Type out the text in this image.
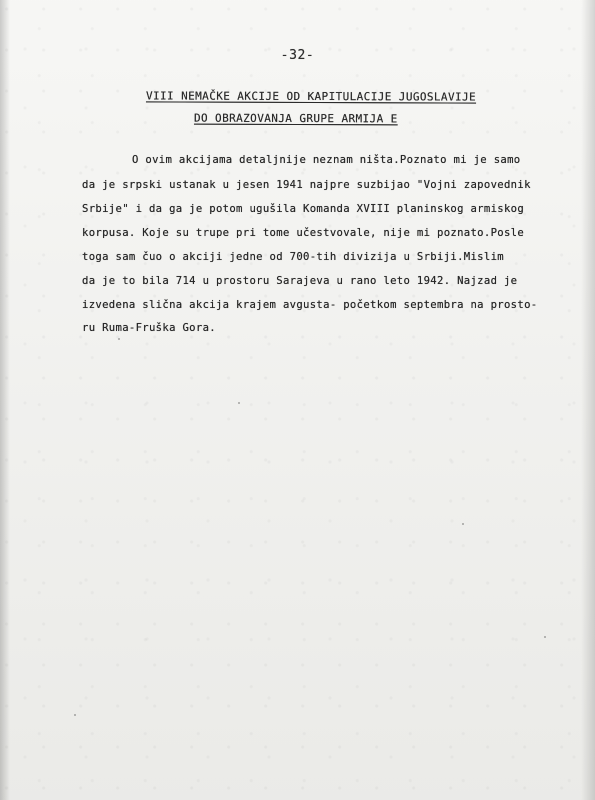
-32-
VIII NEMAČKE AKCIJE OD KAPITULACIJE JUGOSLAVIJE
DO OBRAZOVANJA GRUPE ARMIJA E
O ovim akcijama detaljnije neznam ništa.Poznato mi je samo
da je srpski ustanak u jesen 1941 najpre suzbijao "Vojni zapovednik
Srbije" i da ga je potom ugušila Komanda XVIII planinskog armiskog
korpusa. Koje su trupe pri tome učestvovale, nije mi poznato.Posle
toga sam čuo o akciji jedne od 700-tih divizija u Srbiji.Mislim
da je to bila 714 u prostoru Sarajeva u rano leto 1942. Najzad je
izvedena slična akcija krajem avgusta- početkom septembra na prosto-
ru Ruma-Fruška Gora.
